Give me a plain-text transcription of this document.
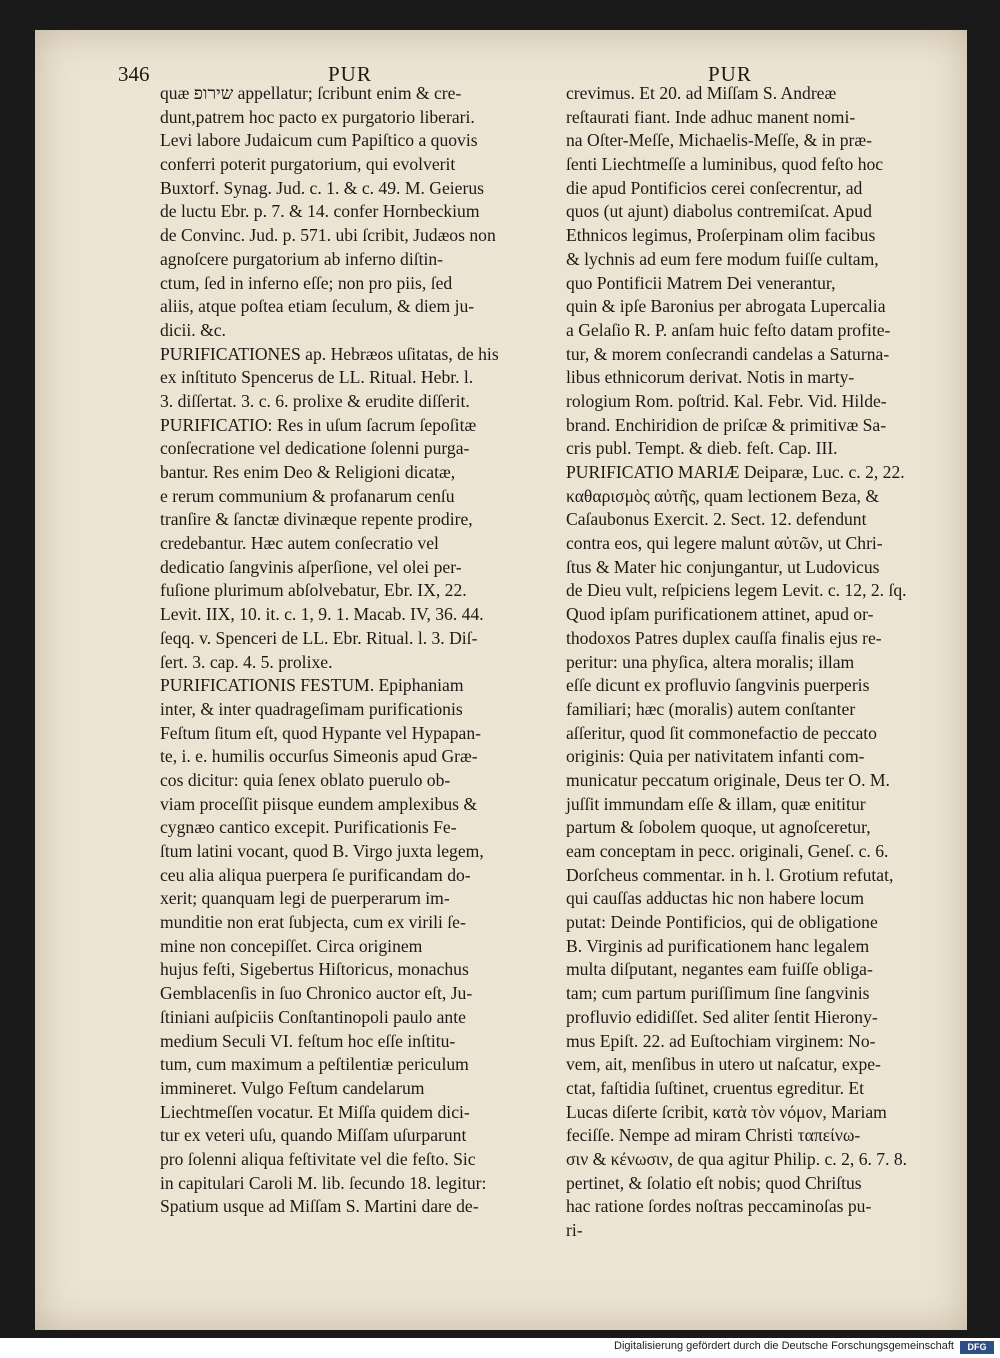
346	PUR	PUR
quæ שירופ appellatur; ſcribunt enim & cre-
dunt,patrem hoc pacto ex purgatorio liberari.
Levi labore Judaicum cum Papiſtico a quovis
conferri poterit purgatorium, qui evolverit
Buxtorf. Synag. Jud. c. 1. & c. 49. M. Geierus
de luctu Ebr. p. 7. & 14. confer Hornbeckium
de Convinc. Jud. p. 571. ubi ſcribit, Judæos non
agnoſcere purgatorium ab inferno diſtin-
ctum, ſed in inferno eſſe; non pro piis, ſed
aliis, atque poſtea etiam ſeculum, & diem ju-
dicii. &c.
PURIFICATIONES ap. Hebræos uſitatas, de his
ex inſtituto Spencerus de LL. Ritual. Hebr. l.
3. diſſertat. 3. c. 6. prolixe & erudite diſſerit.
PURIFICATIO: Res in uſum ſacrum ſepoſitæ
conſecratione vel dedicatione ſolenni purga-
bantur. Res enim Deo & Religioni dicatæ,
e rerum communium & profanarum cenſu
tranſire & ſanctæ divinæque repente prodire,
credebantur. Hæc autem conſecratio vel
dedicatio ſangvinis aſperſione, vel olei per-
fuſione plurimum abſolvebatur, Ebr. IX, 22.
Levit. IIX, 10. it. c. 1, 9. 1. Macab. IV, 36. 44.
ſeqq. v. Spenceri de LL. Ebr. Ritual. l. 3. Diſ-
ſert. 3. cap. 4. 5. prolixe.
PURIFICATIONIS FESTUM. Epiphaniam
inter, & inter quadrageſimam purificationis
Feſtum ſitum eſt, quod Hypante vel Hypapan-
te, i. e. humilis occurſus Simeonis apud Græ-
cos dicitur: quia ſenex oblato puerulo ob-
viam proceſſit piisque eundem amplexibus &
cygnæo cantico excepit. Purificationis Fe-
ſtum latini vocant, quod B. Virgo juxta legem,
ceu alia aliqua puerpera ſe purificandam do-
xerit; quanquam legi de puerperarum im-
munditie non erat ſubjecta, cum ex virili ſe-
mine non concepiſſet. Circa originem
hujus feſti, Sigebertus Hiſtoricus, monachus
Gemblacenſis in ſuo Chronico auctor eſt, Ju-
ſtiniani auſpiciis Conſtantinopoli paulo ante
medium Seculi VI. feſtum hoc eſſe inſtitu-
tum, cum maximum a peſtilentiæ periculum
immineret. Vulgo Feſtum candelarum
Liechtmeſſen vocatur. Et Miſſa quidem dici-
tur ex veteri uſu, quando Miſſam uſurparunt
pro ſolenni aliqua feſtivitate vel die feſto. Sic
in capitulari Caroli M. lib. ſecundo 18. legitur:
Spatium usque ad Miſſam S. Martini dare de-
crevimus. Et 20. ad Miſſam S. Andreæ
reſtaurati fiant. Inde adhuc manent nomi-
na Oſter-Meſſe, Michaelis-Meſſe, & in præ-
ſenti Liechtmeſſe a luminibus, quod feſto hoc
die apud Pontificios cerei conſecrentur, ad
quos (ut ajunt) diabolus contremiſcat. Apud
Ethnicos legimus, Proſerpinam olim facibus
& lychnis ad eum fere modum fuiſſe cultam,
quo Pontificii Matrem Dei venerantur,
quin & ipſe Baronius per abrogata Lupercalia
a Gelaſio R. P. anſam huic feſto datam profite-
tur, & morem conſecrandi candelas a Saturna-
libus ethnicorum derivat. Notis in marty-
rologium Rom. poſtrid. Kal. Febr. Vid. Hilde-
brand. Enchiridion de priſcæ & primitivæ Sa-
cris publ. Tempt. & dieb. feſt. Cap. III.
PURIFICATIO MARIÆ Deiparæ, Luc. c. 2, 22.
καθαρισμὸς αὐτῆς, quam lectionem Beza, &
Caſaubonus Exercit. 2. Sect. 12. defendunt
contra eos, qui legere malunt αὐτῶν, ut Chri-
ſtus & Mater hic conjungantur, ut Ludovicus
de Dieu vult, reſpiciens legem Levit. c. 12, 2. ſq.
Quod ipſam purificationem attinet, apud or-
thodoxos Patres duplex cauſſa finalis ejus re-
peritur: una phyſica, altera moralis; illam
eſſe dicunt ex profluvio ſangvinis puerperis
familiari; hæc (moralis) autem conſtanter
aſſeritur, quod ſit commonefactio de peccato
originis: Quia per nativitatem infanti com-
municatur peccatum originale, Deus ter O. M.
juſſit immundam eſſe & illam, quæ enititur
partum & ſobolem quoque, ut agnoſceretur,
eam conceptam in pecc. originali, Geneſ. c. 6.
Dorſcheus commentar. in h. l. Grotium refutat,
qui cauſſas adductas hic non habere locum
putat: Deinde Pontificios, qui de obligatione
B. Virginis ad purificationem hanc legalem
multa diſputant, negantes eam fuiſſe obliga-
tam; cum partum puriſſimum ſine ſangvinis
profluvio edidiſſet. Sed aliter ſentit Hierony-
mus Epiſt. 22. ad Euſtochiam virginem: No-
vem, ait, menſibus in utero ut naſcatur, expe-
ctat, faſtidia ſuſtinet, cruentus egreditur. Et
Lucas diſerte ſcribit, κατὰ τὸν νόμον, Mariam
feciſſe. Nempe ad miram Christi ταπείνω-
σιν & κένωσιν, de qua agitur Philip. c. 2, 6. 7. 8.
pertinet, & ſolatio eſt nobis; quod Chriſtus
hac ratione ſordes noſtras peccaminoſas pu-
ri-
Digitalisierung gefördert durch die Deutsche Forschungsgemeinschaft	DFG
